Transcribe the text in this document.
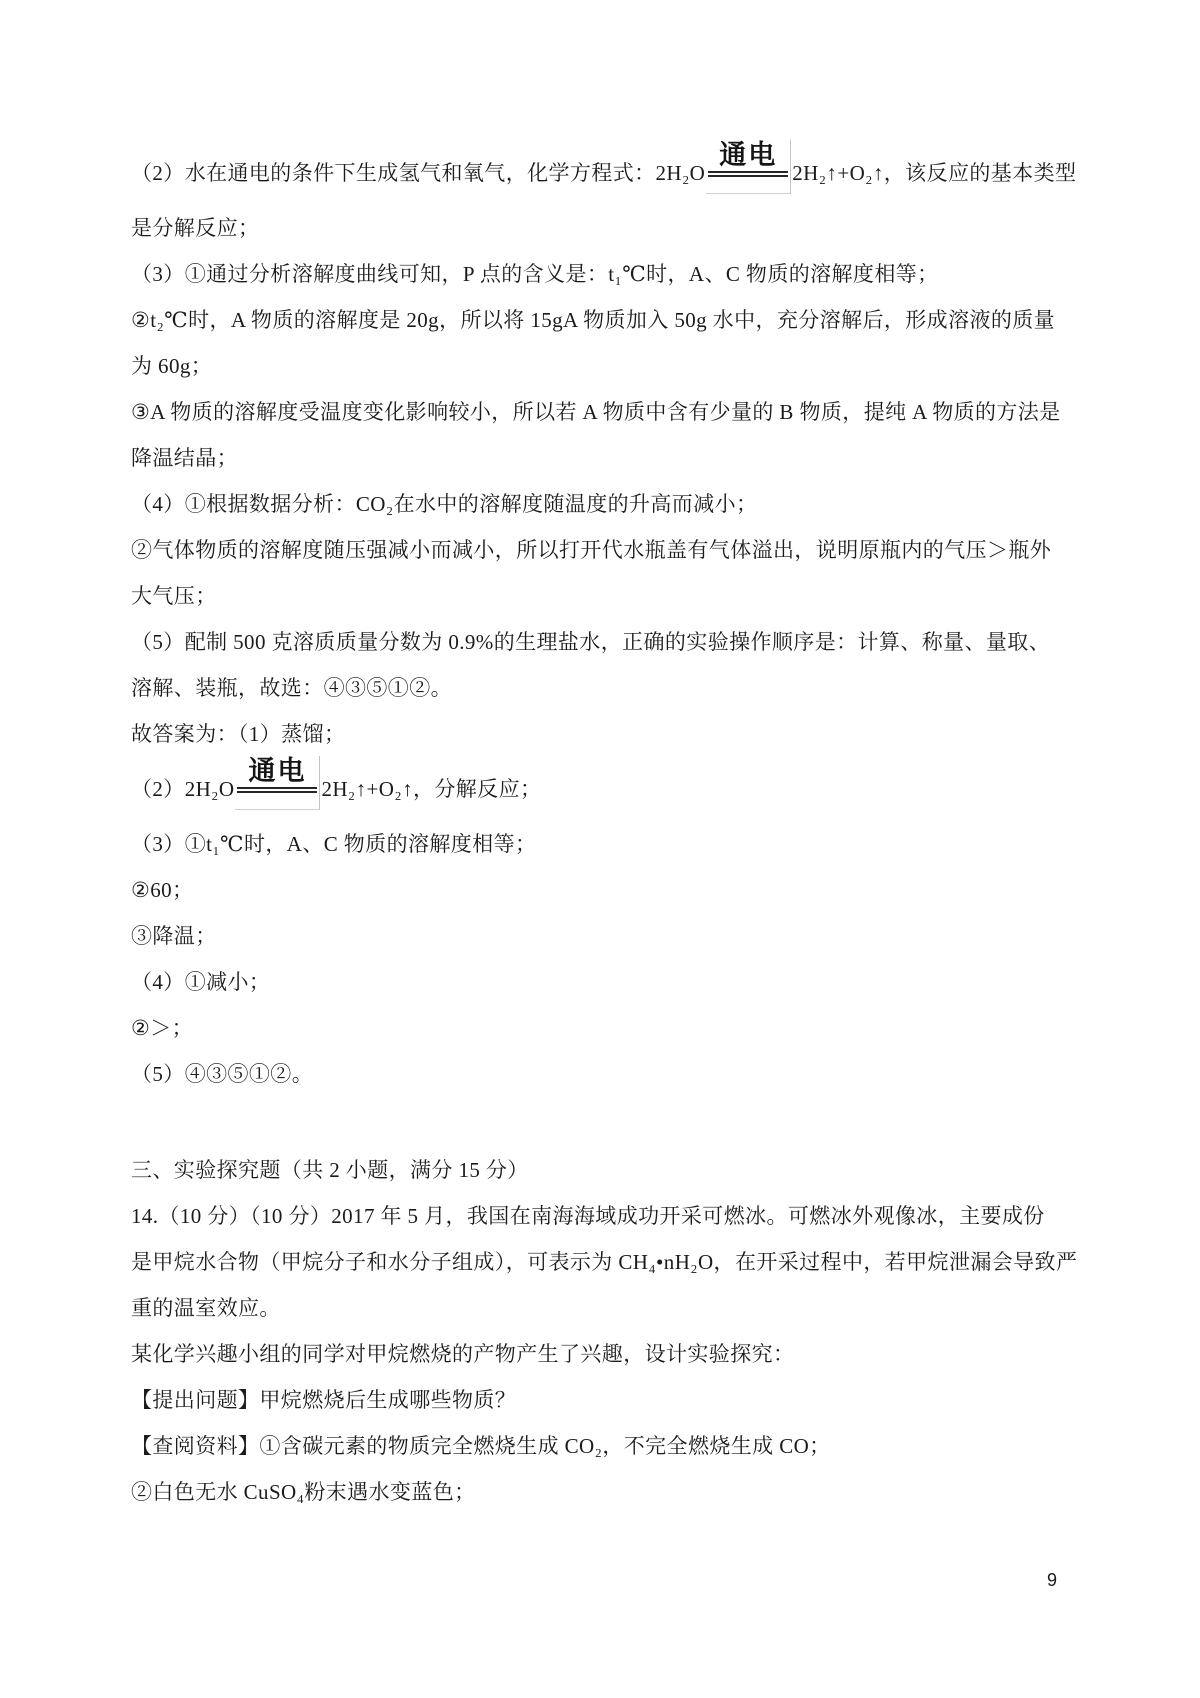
（2）水在通电的条件下生成氢气和氧气，化学方程式：2H₂O
通电
2H₂↑+O₂↑，该反应的基本类型
是分解反应；
（3）①通过分析溶解度曲线可知，P 点的含义是：t₁℃时，A、C 物质的溶解度相等；
②t₂℃时，A 物质的溶解度是 20g，所以将 15gA 物质加入 50g 水中，充分溶解后，形成溶液的质量
为 60g；
③A 物质的溶解度受温度变化影响较小，所以若 A 物质中含有少量的 B 物质，提纯 A 物质的方法是
降温结晶；
（4）①根据数据分析：CO₂在水中的溶解度随温度的升高而减小；
②气体物质的溶解度随压强减小而减小，所以打开代水瓶盖有气体溢出，说明原瓶内的气压＞瓶外
大气压；
（5）配制 500 克溶质质量分数为 0.9%的生理盐水，正确的实验操作顺序是：计算、称量、量取、
溶解、装瓶，故选：④③⑤①②。
故答案为：（1）蒸馏；
（2）2H₂O
通电
2H₂↑+O₂↑，分解反应；
（3）①t₁℃时，A、C 物质的溶解度相等；
②60；
③降温；
（4）①减小；
②＞；
（5）④③⑤①②。
三、实验探究题（共 2 小题，满分 15 分）
14.（10 分）（10 分）2017 年 5 月，我国在南海海域成功开采可燃冰。可燃冰外观像冰，主要成份
是甲烷水合物（甲烷分子和水分子组成），可表示为 CH₄•nH₂O，在开采过程中，若甲烷泄漏会导致严
重的温室效应。
某化学兴趣小组的同学对甲烷燃烧的产物产生了兴趣，设计实验探究：
【提出问题】甲烷燃烧后生成哪些物质？
【查阅资料】①含碳元素的物质完全燃烧生成 CO₂，不完全燃烧生成 CO；
②白色无水 CuSO₄粉末遇水变蓝色；
9
